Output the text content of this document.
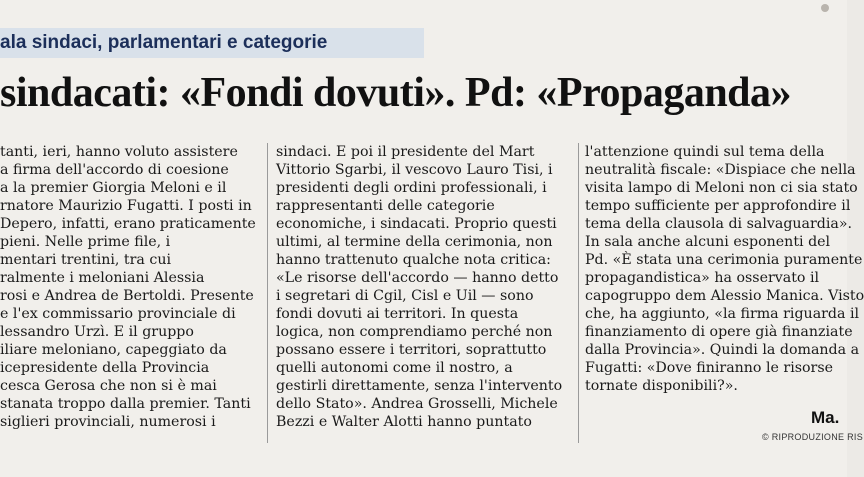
ala sindaci, parlamentari e categorie
sindacati: «Fondi dovuti». Pd: «Propaganda»
tanti, ieri, hanno voluto assistere
a firma dell'accordo di coesione
a la premier Giorgia Meloni e il
rnatore Maurizio Fugatti. I posti in
Depero, infatti, erano praticamente
pieni. Nelle prime file, i
mentari trentini, tra cui
ralmente i meloniani Alessia
rosi e Andrea de Bertoldi. Presente
e l'ex commissario provinciale di
lessandro Urzì. E il gruppo
iliare meloniano, capeggiato da
icepresidente della Provincia
cesca Gerosa che non si è mai
stanata troppo dalla premier. Tanti
siglieri provinciali, numerosi i
sindaci. E poi il presidente del Mart
Vittorio Sgarbi, il vescovo Lauro Tisi, i
presidenti degli ordini professionali, i
rappresentanti delle categorie
economiche, i sindacati. Proprio questi
ultimi, al termine della cerimonia, non
hanno trattenuto qualche nota critica:
«Le risorse dell'accordo — hanno detto
i segretari di Cgil, Cisl e Uil — sono
fondi dovuti ai territori. In questa
logica, non comprendiamo perché non
possano essere i territori, soprattutto
quelli autonomi come il nostro, a
gestirli direttamente, senza l'intervento
dello Stato». Andrea Grosselli, Michele
Bezzi e Walter Alotti hanno puntato
l'attenzione quindi sul tema della
neutralità fiscale: «Dispiace che nella
visita lampo di Meloni non ci sia stato
tempo sufficiente per approfondire il
tema della clausola di salvaguardia».
In sala anche alcuni esponenti del
Pd. «È stata una cerimonia puramente
propagandistica» ha osservato il
capogruppo dem Alessio Manica. Visto
che, ha aggiunto, «la firma riguarda il
finanziamento di opere già finanziate
dalla Provincia». Quindi la domanda a
Fugatti: «Dove finiranno le risorse
tornate disponibili?».
Ma.
© RIPRODUZIONE RIS
